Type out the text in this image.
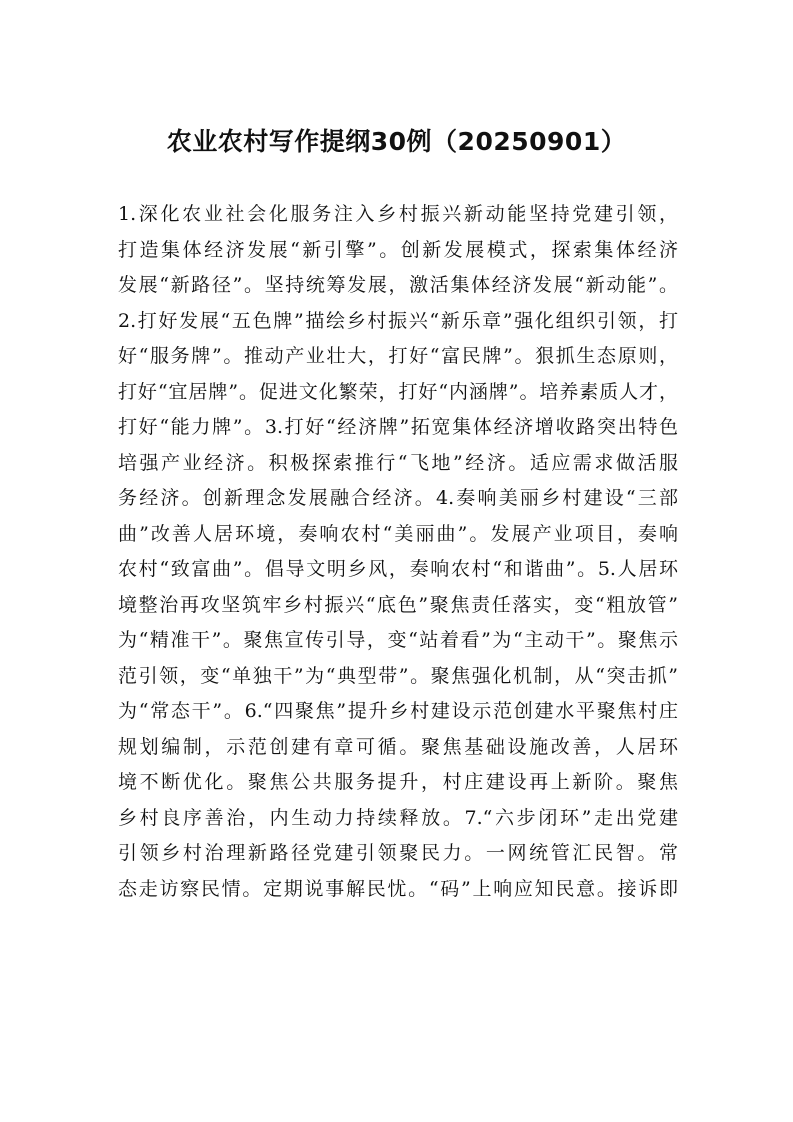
农业农村写作提纲30例（20250901）
1.深化农业社会化服务注入乡村振兴新动能坚持党建引领，
打造集体经济发展“新引擎”。创新发展模式，探索集体经济
发展“新路径”。坚持统筹发展，激活集体经济发展“新动能”。
2.打好发展“五色牌”描绘乡村振兴“新乐章”强化组织引领，打
好“服务牌”。推动产业壮大，打好“富民牌”。狠抓生态原则，
打好“宜居牌”。促进文化繁荣，打好“内涵牌”。培养素质人才，
打好“能力牌”。3.打好“经济牌”拓宽集体经济增收路突出特色
培强产业经济。积极探索推行“飞地”经济。适应需求做活服
务经济。创新理念发展融合经济。4.奏响美丽乡村建设“三部
曲”改善人居环境，奏响农村“美丽曲”。发展产业项目，奏响
农村“致富曲”。倡导文明乡风，奏响农村“和谐曲”。5.人居环
境整治再攻坚筑牢乡村振兴“底色”聚焦责任落实，变“粗放管”
为“精准干”。聚焦宣传引导，变“站着看”为“主动干”。聚焦示
范引领，变“单独干”为“典型带”。聚焦强化机制，从“突击抓”
为“常态干”。6.“四聚焦”提升乡村建设示范创建水平聚焦村庄
规划编制，示范创建有章可循。聚焦基础设施改善，人居环
境不断优化。聚焦公共服务提升，村庄建设再上新阶。聚焦
乡村良序善治，内生动力持续释放。7.“六步闭环”走出党建
引领乡村治理新路径党建引领聚民力。一网统管汇民智。常
态走访察民情。定期说事解民忧。“码”上响应知民意。接诉即
